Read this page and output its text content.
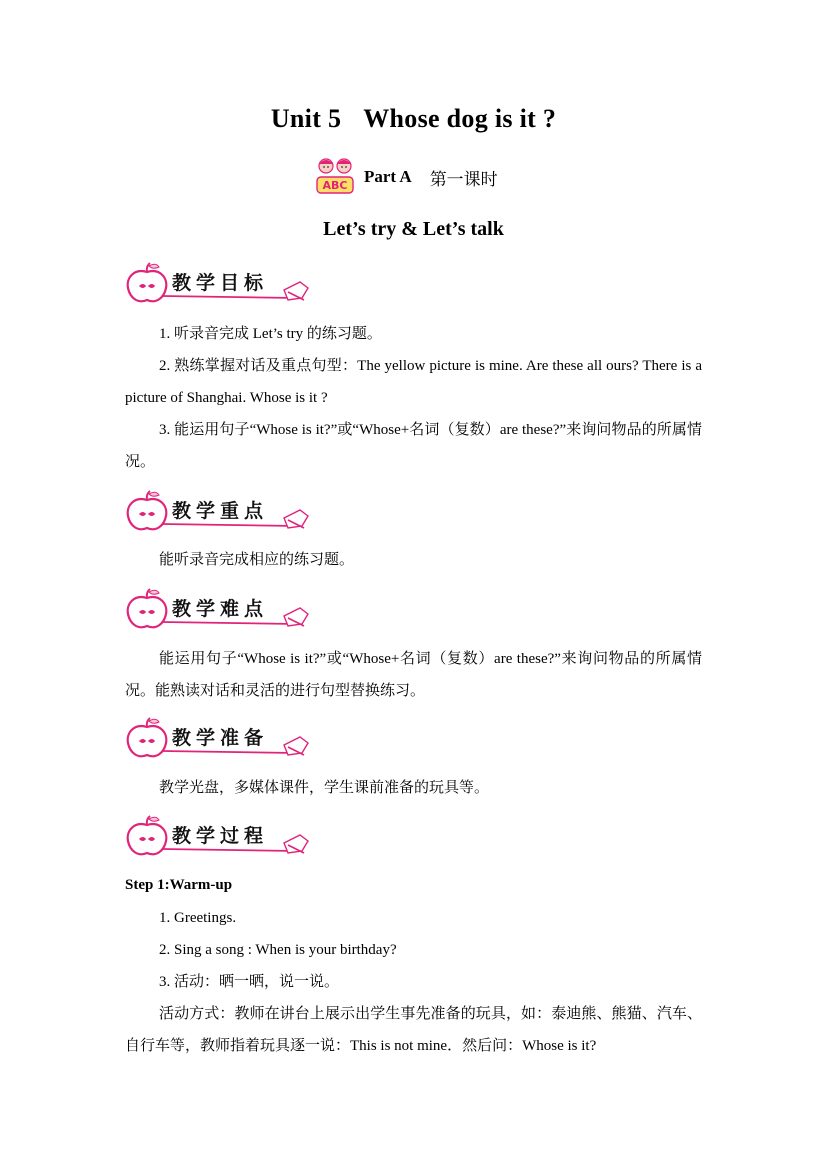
Unit 5 Whose dog is it ?
ABC Part A 第一课时
Let’s try & Let’s talk
教学目标
1. 听录音完成 Let’s try 的练习题。
2. 熟练掌握对话及重点句型：The yellow picture is mine. Are these all ours? There is a picture of Shanghai. Whose is it ?
3. 能运用句子“Whose is it?”或“Whose+名词（复数）are these?”来询问物品的所属情况。
教学重点
能听录音完成相应的练习题。
教学难点
能运用句子“Whose is it?”或“Whose+名词（复数）are these?”来询问物品的所属情况。能熟读对话和灵活的进行句型替换练习。
教学准备
教学光盘，多媒体课件，学生课前准备的玩具等。
教学过程
Step 1:Warm-up
1. Greetings.
2. Sing a song : When is your birthday?
3. 活动：晒一晒，说一说。
活动方式：教师在讲台上展示出学生事先准备的玩具，如：泰迪熊、熊猫、汽车、自行车等，教师指着玩具逐一说：This is not mine．然后问：Whose is it?
